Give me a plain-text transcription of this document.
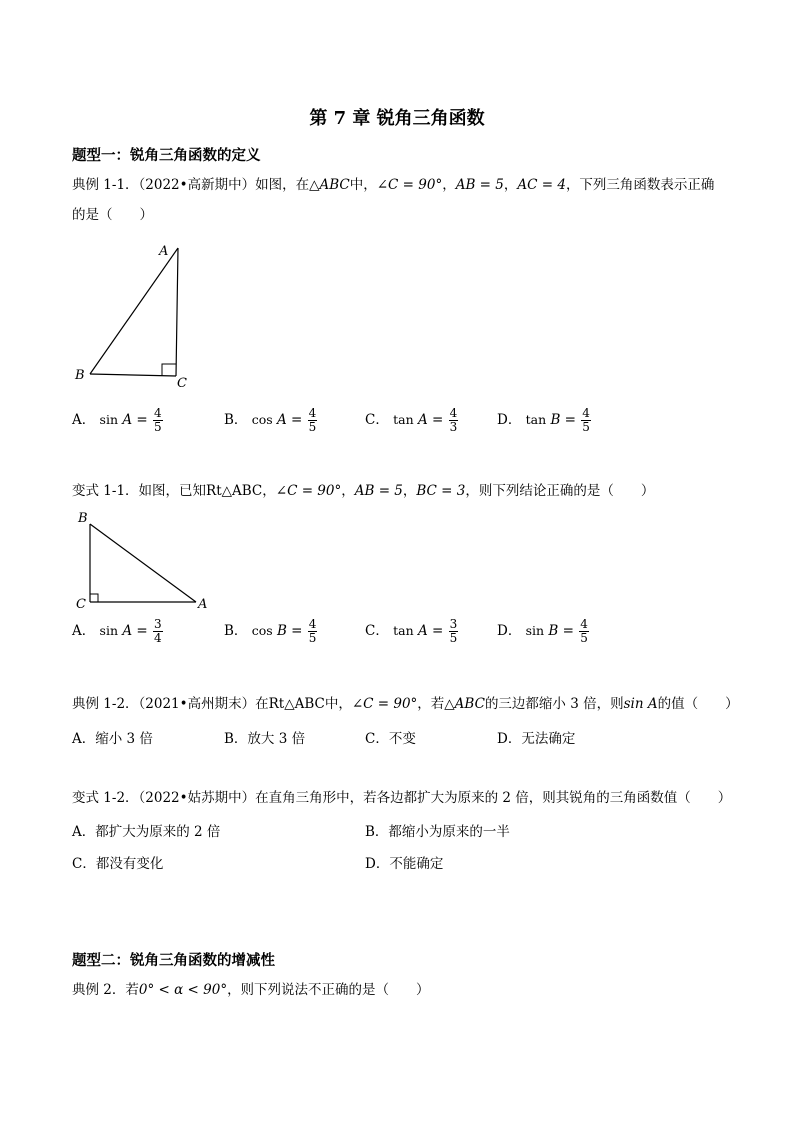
第 7 章 锐角三角函数
题型一：锐角三角函数的定义
典例 1-1．（2022•高新期中）如图，在△ABC中，∠C = 90°，AB = 5，AC = 4，下列三角函数表示正确
的是（　　）
A
B
C
A． $\sin A = \frac{4}{5}$	B． $\cos A = \frac{4}{5}$	C． $\tan A = \frac{4}{3}$	D． $\tan B = \frac{4}{5}$
变式 1-1．如图，已知Rt△ABC，∠C = 90°，AB = 5，BC = 3，则下列结论正确的是（　　）
B
C	A
A． $\sin A = \frac{3}{4}$	B． $\cos B = \frac{4}{5}$	C． $\tan A = \frac{3}{5}$	D． $\sin B = \frac{4}{5}$
典例 1-2．（2021•高州期末）在Rt△ABC中，∠C = 90°，若△ABC的三边都缩小 3 倍，则sin A的值（　　）
A．缩小 3 倍	B．放大 3 倍	C．不变	D．无法确定
变式 1-2．（2022•姑苏期中）在直角三角形中，若各边都扩大为原来的 2 倍，则其锐角的三角函数值（　　）
A．都扩大为原来的 2 倍	B．都缩小为原来的一半
C．都没有变化	D．不能确定
题型二：锐角三角函数的增减性
典例 2．若0° < α < 90°，则下列说法不正确的是（　　）
